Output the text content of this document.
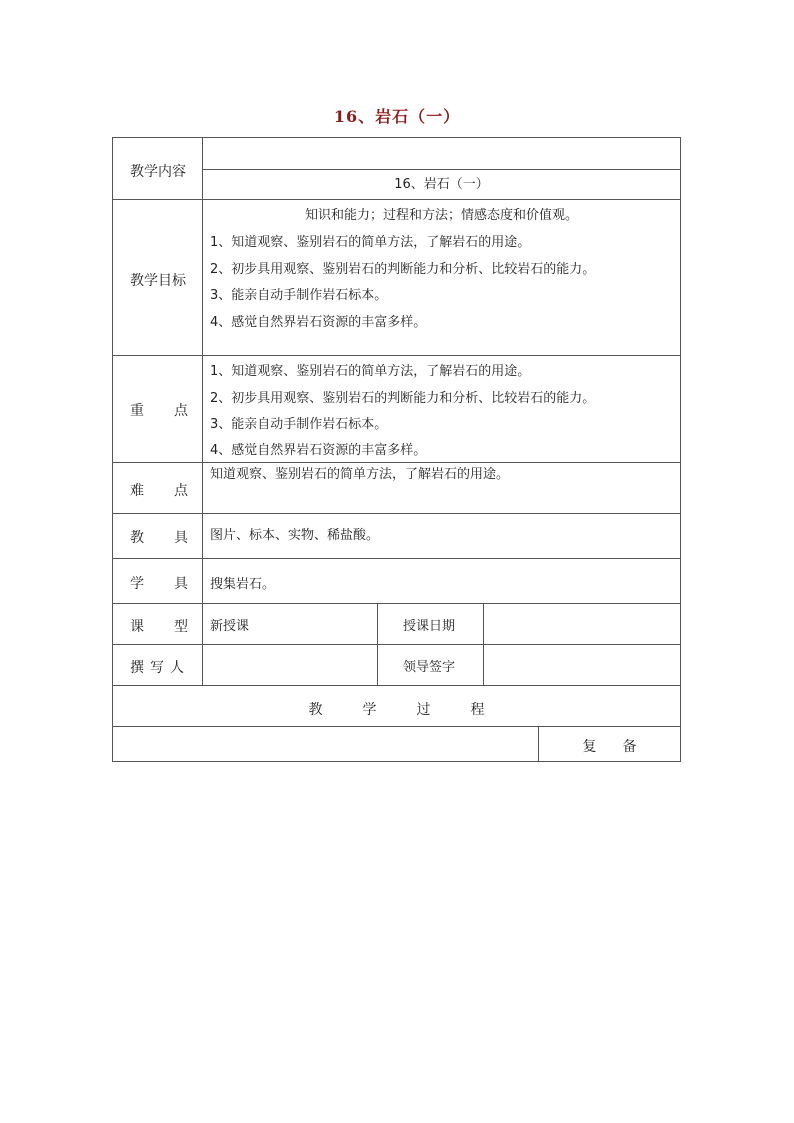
16、岩石（一）
教学内容
16、岩石（一）
教学目标
知识和能力；过程和方法；情感态度和价值观。
1、知道观察、鉴别岩石的简单方法，了解岩石的用途。
2、初步具用观察、鉴别岩石的判断能力和分析、比较岩石的能力。
3、能亲自动手制作岩石标本。
4、感觉自然界岩石资源的丰富多样。
重点
1、知道观察、鉴别岩石的简单方法，了解岩石的用途。
2、初步具用观察、鉴别岩石的判断能力和分析、比较岩石的能力。
3、能亲自动手制作岩石标本。
4、感觉自然界岩石资源的丰富多样。
难点
知道观察、鉴别岩石的简单方法，了解岩石的用途。
教具
图片、标本、实物、稀盐酸。
学具
搜集岩石。
课型
新授课	授课日期
撰写人	领导签字
教学过程
复备
